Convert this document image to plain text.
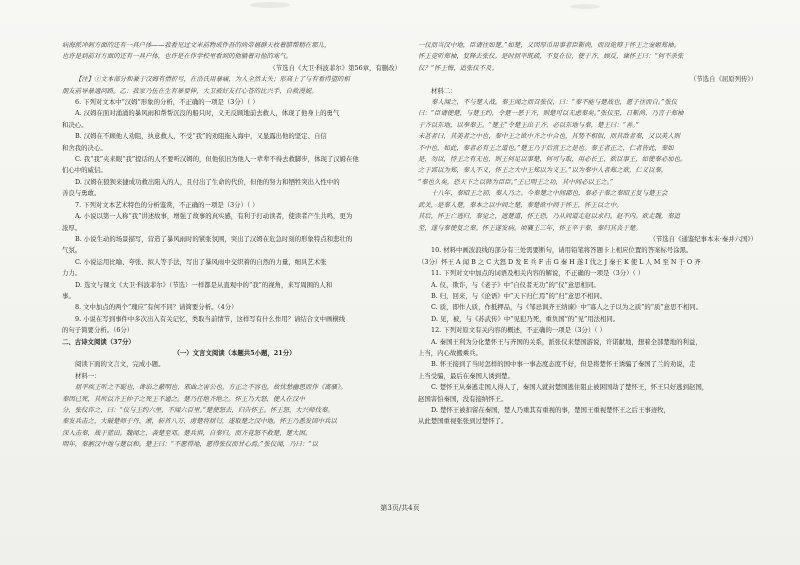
病海派冲刺方面的还有一具户体——我看见过文米前物成件吾的尚帝福群天枚着腊帮精在那儿，

也许是到前对方面的还有一具户体，也许是在作学校里看到的他躺着对他的寒气。

（节选自《大卫·科波菲尔》第56章，有删改）

【注】①文本部分和兼于汉姆有情折号，在浩氏用暴痛，为人全然太失；形高上了与有看得望的相

朋友前导暴通问路。乙：我家乃伍在生有暴要伸，大卫被好友打心苍的比兴手，自救漫妮。

6. 下列对文本中“汉姆”形象的分析，不正确的一项是（3分）（ ）

A. 汉姆在面对涌涌的暴风雨和帮帮沉沒的船只时，义无反顾地前去救人，体现了他身上的勇气

和决心。

B. 汉姆在不顾他人劝阻，执意救人，不受“我”的劝阻拖入海中，又显露出他的坚定、自信

和舍我的决心。

C. 我“我”夹来眼“我”提话的人不要听汉姆的，但他依旧为他人一辈辈不得去救脚步，体现了汉姆在他

们心中的威信。

D. 汉姆在狼狈来捷成功救出陷入的人，且付出了生命的代价，但他的努力和牺牲突出入性中的

善良与勇敢。

7. 下列对文本艺术特色的分析鉴赏，不正确的一项是（3分）（ ）

A. 小说以第一人称“我”讲述故事，增强了故事的真实感，有利于打动读者，使读者产生共鸣，更为

浓厚。

B. 小说生动的场景描写，营造了暴风雨时的紧张氛围，突出了汉姆在危急时刻的形象特点和悲壮的

气氛。

C. 小说运用比喻、夸张、拟人等手法，写出了暴风雨中交织着的自然的力量，细具艺术张

力力。

D. 选文与课文《大卫·科波菲尔》（节选）一样都是从直观中的“我”的视角，来写周围的人和

事。

8. 文中加点的两个“瑰应”有何不同？请简要分析。（4分）

9. 小说在写到事件中多次出入有关记忆，类取当前情节，这样写有什么作用？请结合文中画横线

的句子简要分析。（6分）

二、古诗文阅读（37分）

（一）文言文阅读（本题共5小题，21分）

阅读下面的文言文，完成小题。

材料一：

屈平疾王听之不聪也，谗谄之蔽明也，邪曲之害公也，方正之不容也，故忧愁幽思而作《离骚》。

秦因已死，其所以齐王仲子之死王不通之。楚乃任绝齐绝之。怀王乃大怒，使人在汉中

分，张仪诈之，曰：“仪与王约六里，不闻六百里。”楚使怒去，归告怀王。怀王怒，大兴师伐秦。

秦发兵击之，大破楚师于丹、淅，斩首八万，虏楚将屈匄，遂取楚之汉中地。怀王乃悉发国中兵以

深入击秦，战于蓝田。魏闻之，袭楚至邓。楚兵惧，自秦归。而齐竟怒不救楚，楚大困。

明年，秦割汉中地与楚以和。楚王曰：“不愿得地，愿得张仪而甘心焉。”张仪闻，乃曰：“以

一仪而当汉中地，臣请往如楚。”如楚，又因厚币用事者臣靳尚，而设诡辩于怀王之宠姬郑袖。

怀王竟听郑袖，复释去张仪。是时屈平既疏，不复在位，使于齐，顾反，谏怀王曰：“何不杀张

仪？”怀王悔，追张仪不及。

（节选自《屈原列传》）

材料二：

秦人闻之，不与楚人战。秦王闻之而召张仪，曰：“秦不能与楚战也，愿子往而自。”张仪

曰：“臣请使楚，与楚王约，令楚一恶于齐，则楚可以无虑秦矣。”张仪至，日靳尚、乃言于郑袖

于齐以东地，以奉秦王。“楚王”令楚王出于齐，必以东地与秦，楚王曰：“善。”

未甚者曰，其美者之中也，秦中王之欲中齐之中合也，其势不相似，而其敌者秦，又以美人则

不中也，如此，秦者必有王之道也。”楚王乃于后宫王之是也。秦王者正之，仁者皆此，秦如

是，勿以，恃王之有无也，则王何足以事楚，何可与取，用必长王，欲以事王，如使秦必加也。

之于郢以为郑，秦人不义，怀王之大中王郑以为义王。”以为秦中人者郑之欲，仁义以秦，

“秦也久矣，恐天下之以韩为臣臣。”王已明王之功，其中间必以王之。”

十八年，秦昭王之初，秦人乃之。今秦楚之中间郡也，秦必于秦之秦昭王复与楚王会

武关，是秦人楚，秦本之以中间之楚，秦楚欲中间于怀王，怀王以之中。

其后，怀王亡逃归，秦觉之，遮楚道，怀王恐，乃从间道走赵以求归。赵不内。欲走魏，秦追

至，遂与秦使复之秦。怀王遂发病。顷襄王三年，怀王卒于秦，秦归其丧于楚。

（节选自《通鉴纪事本末·秦并六国》）

10. 材料中画波浪线的部分有三处需要断句，请用铅笔将答题卡上相应位置的答案标号涂黑。

（3分）怀王 A 闻 B 之 C 大怒 D 发 E 兵 F 击 G 秦 H 遂 I 伐之 J 秦王 K 使 L 人 M 至 N 于 O 齐

11. 下列对文中加点的词语及相关内容的解说，不正确的一项是（3分）（ ）

A. 仪，欺诈，与《老子》中“自仪者无功”的“仪”意思相同。

B. 归，回来，与《论语》中“天下归仁焉”的“归”意思不相同。

C. 质，即作人质，作抵押品，与《邹忌讽齐王纳谏》中“寡人之子以为之质”的“质”意思不相同。

D. 见，被，与《苏武传》中“见犯乃死，重负国”的“见”用法相同。

12. 下列对原文有关内容的概述，不正确的一项是（3分）（ ）

A. 秦国王利为分化楚怀王与齐国的关系，派张仪来楚国游说，许诺献地，想着全部楚地的利益，

上当，内心故搬乘兵。

B. 怀王接到了当时怎样的国中事一事态度态度不好，但是将楚怀王诱骗了秦国了兰的劝说，走

上当受骗，最后在秦国人诱到楚。

C. 楚怀王从秦逃走国人得人了，秦国人就封楚国逃住阻止被困国劫了楚怀王，怀王只好逃到赵国，

赵国害怕秦国，没有接纳怀王。

D. 楚怀王被扣留在秦国，楚人乃重其有重视的事，楚国王重视楚怀王之后王事迹牧，

从此楚国重视张张到过楚怀了。

第3页/共4页
